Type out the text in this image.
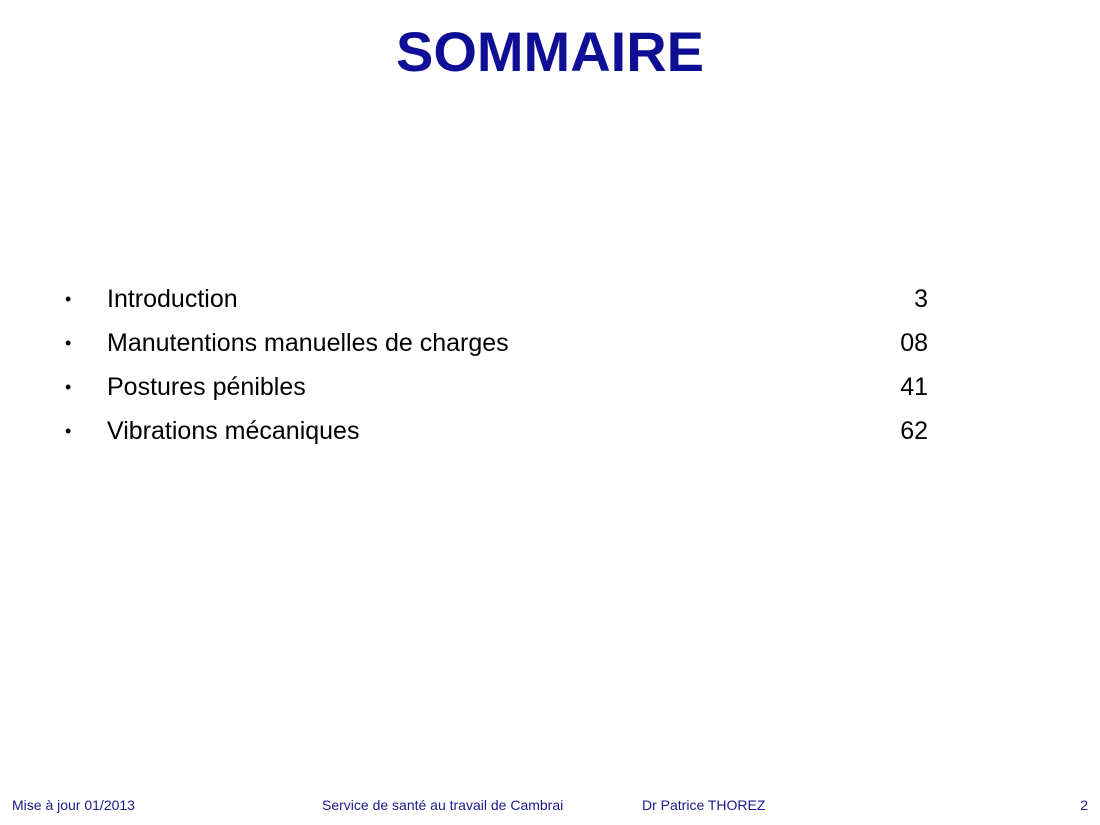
SOMMAIRE
• Introduction	3
• Manutentions manuelles de charges	08
• Postures pénibles	41
• Vibrations mécaniques	62
Mise à jour 01/2013	Service de santé au travail de Cambrai	Dr Patrice THOREZ	2
